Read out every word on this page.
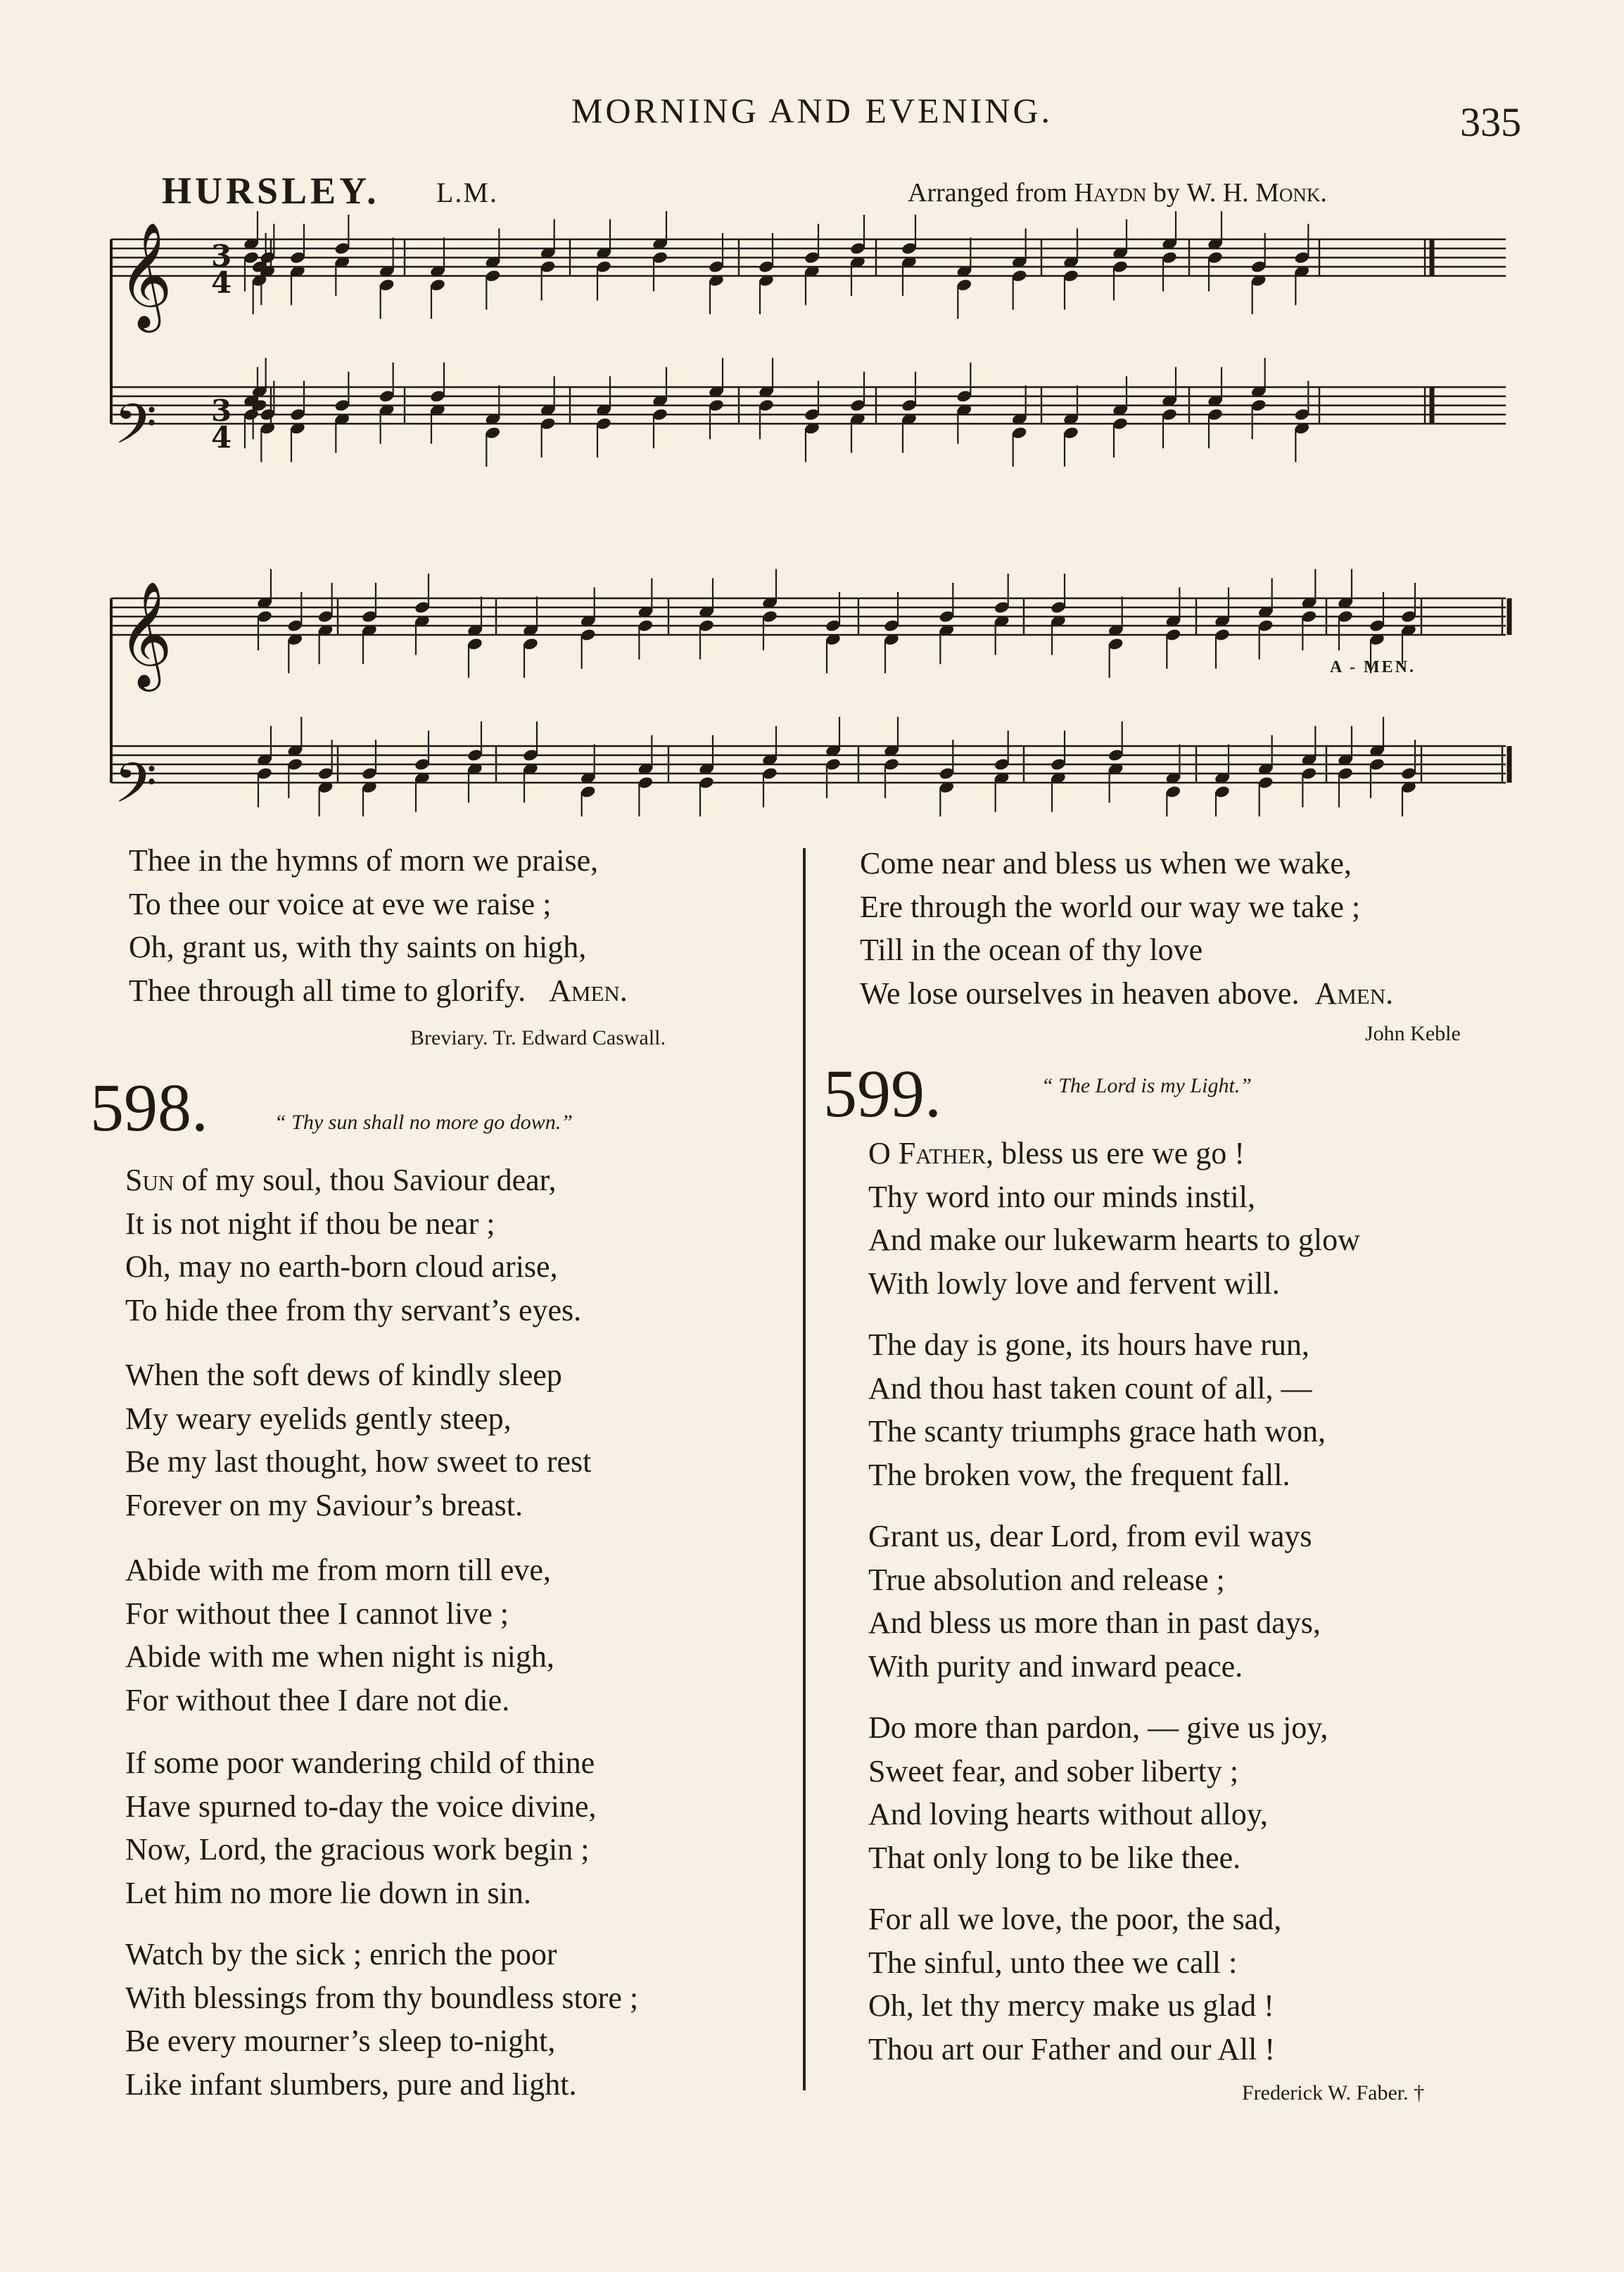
MORNING AND EVENING.	335
HURSLEY. L.M.	Arranged from Haydn by W. H. Monk.
𝄞
𝄢
𝄞
𝄢
3
4
3
4
A - MEN.
Thee in the hymns of morn we praise,
To thee our voice at eve we raise ;
Oh, grant us, with thy saints on high,
Thee through all time to glorify. Amen.
Breviary. Tr. Edward Caswall.
598.	“ Thy sun shall no more go down.”
Sun of my soul, thou Saviour dear,
It is not night if thou be near ;
Oh, may no earth-born cloud arise,
To hide thee from thy servant’s eyes.
When the soft dews of kindly sleep
My weary eyelids gently steep,
Be my last thought, how sweet to rest
Forever on my Saviour’s breast.
Abide with me from morn till eve,
For without thee I cannot live ;
Abide with me when night is nigh,
For without thee I dare not die.
If some poor wandering child of thine
Have spurned to-day the voice divine,
Now, Lord, the gracious work begin ;
Let him no more lie down in sin.
Watch by the sick ; enrich the poor
With blessings from thy boundless store ;
Be every mourner’s sleep to-night,
Like infant slumbers, pure and light.
Come near and bless us when we wake,
Ere through the world our way we take ;
Till in the ocean of thy love
We lose ourselves in heaven above. Amen.
John Keble
599.	“ The Lord is my Light.”
O Father, bless us ere we go !
Thy word into our minds instil,
And make our lukewarm hearts to glow
With lowly love and fervent will.
The day is gone, its hours have run,
And thou hast taken count of all, —
The scanty triumphs grace hath won,
The broken vow, the frequent fall.
Grant us, dear Lord, from evil ways
True absolution and release ;
And bless us more than in past days,
With purity and inward peace.
Do more than pardon, — give us joy,
Sweet fear, and sober liberty ;
And loving hearts without alloy,
That only long to be like thee.
For all we love, the poor, the sad,
The sinful, unto thee we call :
Oh, let thy mercy make us glad !
Thou art our Father and our All !
Frederick W. Faber. †
